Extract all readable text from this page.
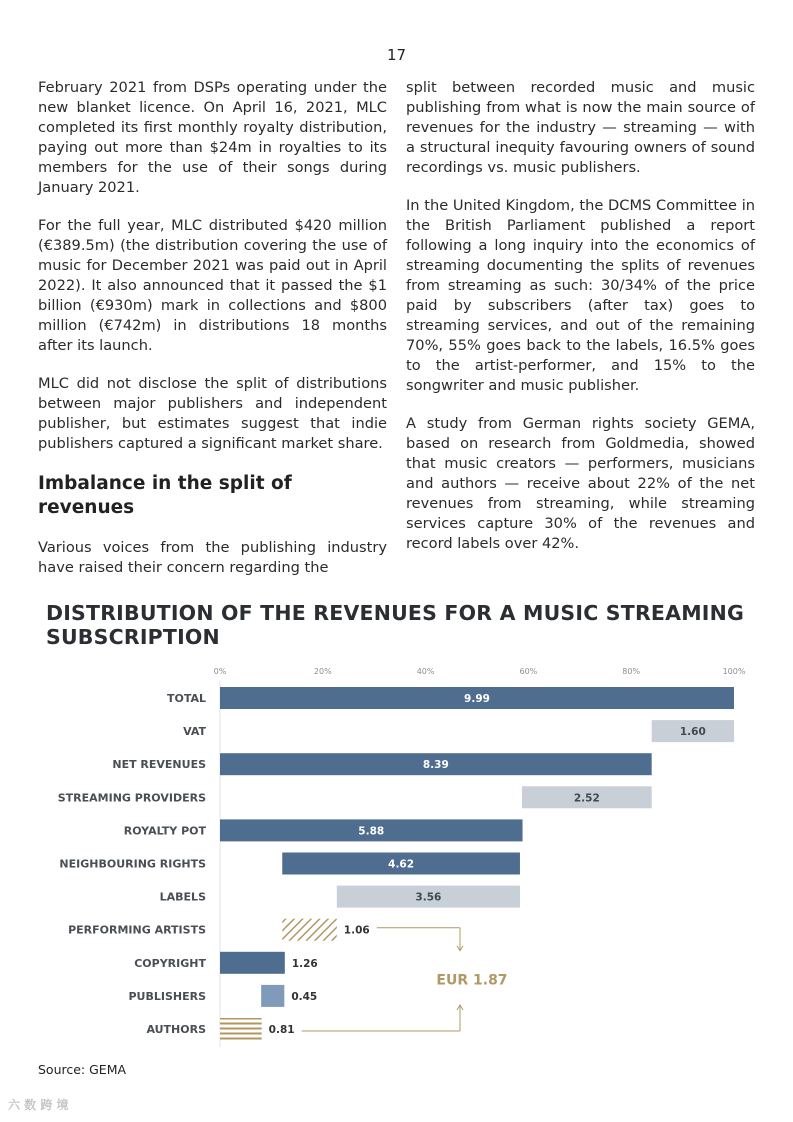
17

February 2021 from DSPs operating under the new blanket licence. On April 16, 2021, MLC completed its first monthly royalty distribution, paying out more than $24m in royalties to its members for the use of their songs during January 2021.

For the full year, MLC distributed $420 million (€389.5m) (the distribution covering the use of music for December 2021 was paid out in April 2022). It also announced that it passed the $1 billion (€930m) mark in collections and $800 million (€742m) in distributions 18 months after its launch.

MLC did not disclose the split of distributions between major publishers and independent publisher, but estimates suggest that indie publishers captured a significant market share.

Imbalance in the split of revenues

Various voices from the publishing industry have raised their concern regarding the

split between recorded music and music publishing from what is now the main source of revenues for the industry — streaming — with a structural inequity favouring owners of sound recordings vs. music publishers.

In the United Kingdom, the DCMS Committee in the British Parliament published a report following a long inquiry into the economics of streaming documenting the splits of revenues from streaming as such: 30/34% of the price paid by subscribers (after tax) goes to streaming services, and out of the remaining 70%, 55% goes back to the labels, 16.5% goes to the artist-performer, and 15% to the songwriter and music publisher.

A study from German rights society GEMA, based on research from Goldmedia, showed that music creators — performers, musicians and authors — receive about 22% of the net revenues from streaming, while streaming services capture 30% of the revenues and record labels over 42%.

DISTRIBUTION OF THE REVENUES FOR A MUSIC STREAMING SUBSCRIPTION
0%	20%	40%	60%	80%	100%
TOTAL	9.99
VAT	1.60
NET REVENUES	8.39
STREAMING PROVIDERS	2.52
ROYALTY POT	5.88
NEIGHBOURING RIGHTS	4.62
LABELS	3.56
PERFORMING ARTISTS	1.06
COPYRIGHT	1.26
PUBLISHERS	0.45
AUTHORS	0.81
EUR 1.87
Source: GEMA
六 数 跨 境
